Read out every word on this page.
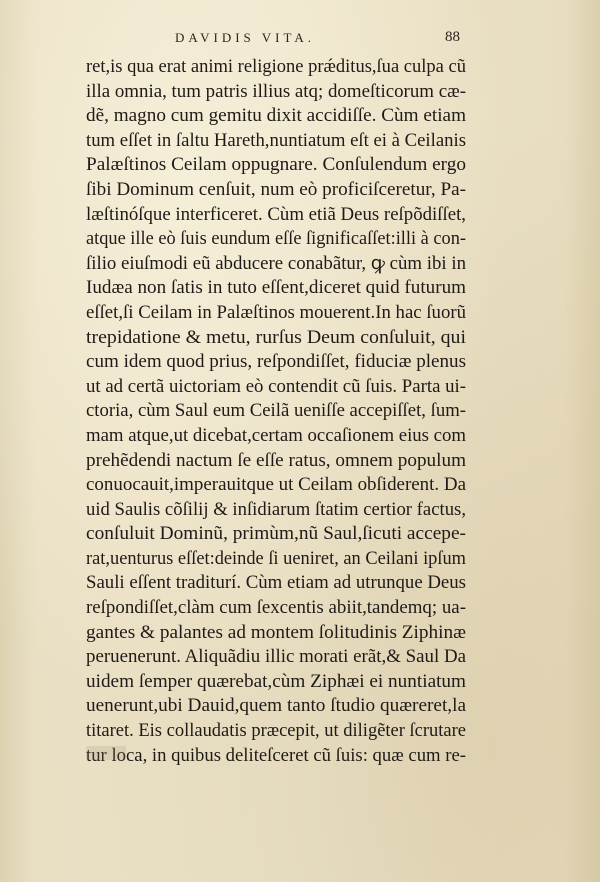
DAVIDIS VITA.	88
ret,is qua erat animi religione prǽditus,ſua culpa cũ
illa omnia, tum patris illius atq; domeſticorum cæ-
dẽ, magno cum gemitu dixit accidiſſe. Cùm etiam
tum eſſet in ſaltu Hareth,nuntiatum eſt ei à Ceilanis
Palæſtinos Ceilam oppugnare. Conſulendum ergo
ſibi Dominum cenſuit, num eò proficiſceretur, Pa-
læſtinóſque interficeret. Cùm etiã Deus reſpõdiſſet,
atque ille eò ſuis eundum eſſe ſignificaſſet:illi à con-
ſilio eiuſmodi eũ abducere conabãtur, ꝙ cùm ibi in
Iudæa non ſatis in tuto eſſent,diceret quid futurum
eſſet,ſi Ceilam in Palæſtinos mouerent.In hac ſuorũ
trepidatione & metu, rurſus Deum conſuluit, qui
cum idem quod prius, reſpondiſſet, fiduciæ plenus
ut ad certã uictoriam eò contendit cũ ſuis. Parta ui-
ctoria, cùm Saul eum Ceilã ueniſſe accepiſſet, ſum-
mam atque,ut dicebat,certam occaſionem eius com
prehẽdendi nactum ſe eſſe ratus, omnem populum
conuocauit,imperauitque ut Ceilam obſiderent. Da
uid Saulis cõſilij & inſidiarum ſtatim certior factus,
conſuluit Dominũ, primùm,nũ Saul,ſicuti accepe-
rat,uenturus eſſet:deinde ſi ueniret, an Ceilani ipſum
Sauli eſſent traditurí. Cùm etiam ad utrunque Deus
reſpondiſſet,clàm cum ſexcentis abiit,tandemq; ua-
gantes & palantes ad montem ſolitudinis Ziphinæ
peruenerunt. Aliquãdiu illic morati erãt,& Saul Da
uidem ſemper quærebat,cùm Ziphæi ei nuntiatum
uenerunt,ubi Dauid,quem tanto ſtudio quæreret,la
titaret. Eis collaudatis præcepit, ut diligẽter ſcrutare
tur loca, in quibus deliteſceret cũ ſuis: quæ cum re-
